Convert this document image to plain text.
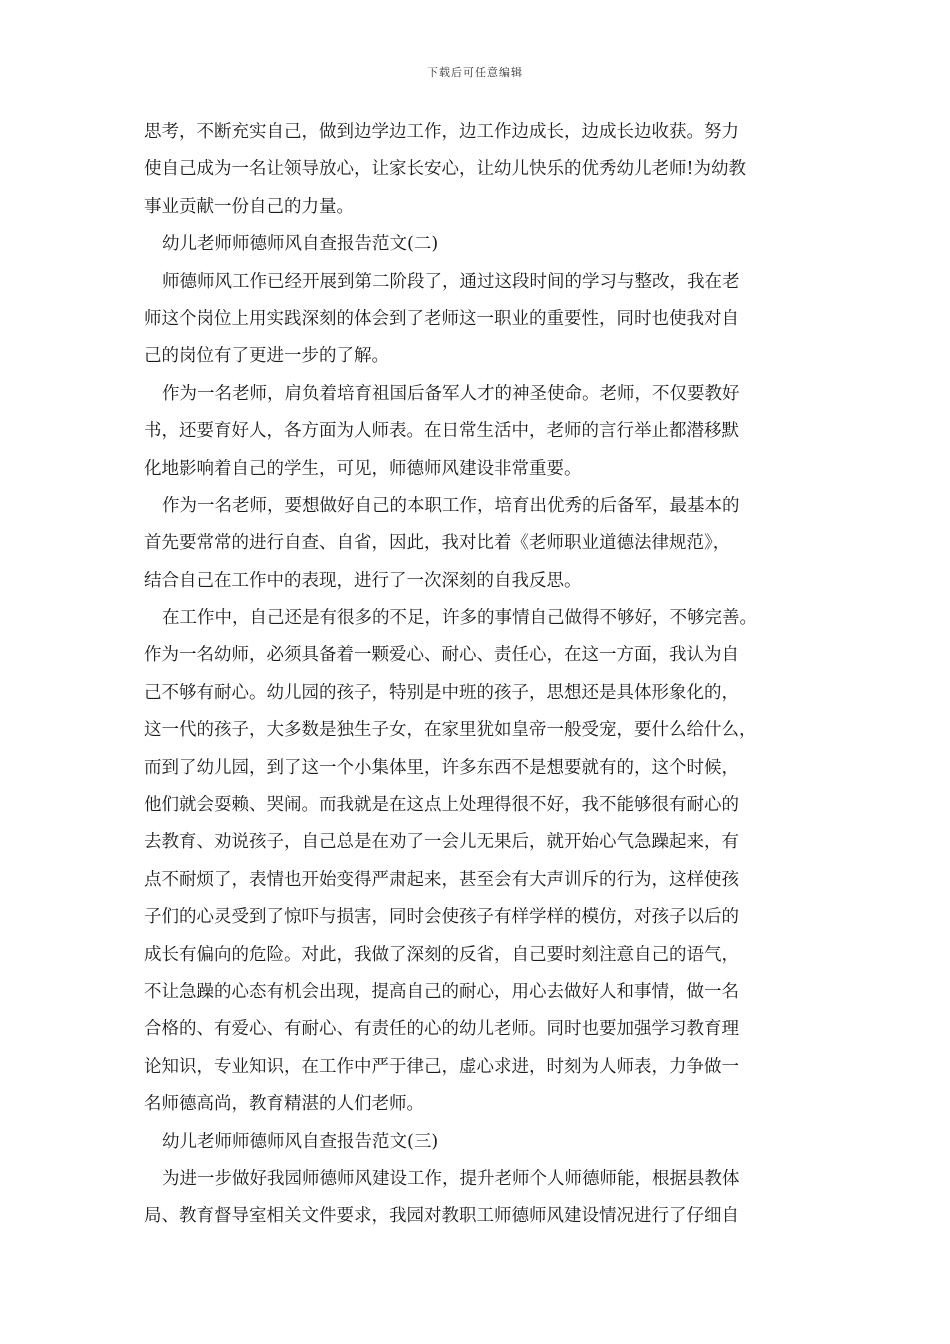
下载后可任意编辑
思考，不断充实自己，做到边学边工作，边工作边成长，边成长边收获。努力
使自己成为一名让领导放心，让家长安心，让幼儿快乐的优秀幼儿老师!为幼教
事业贡献一份自己的力量。
幼儿老师师德师风自查报告范文(二)
师德师风工作已经开展到第二阶段了，通过这段时间的学习与整改，我在老
师这个岗位上用实践深刻的体会到了老师这一职业的重要性，同时也使我对自
己的岗位有了更进一步的了解。
作为一名老师，肩负着培育祖国后备军人才的神圣使命。老师，不仅要教好
书，还要育好人，各方面为人师表。在日常生活中，老师的言行举止都潜移默
化地影响着自己的学生，可见，师德师风建设非常重要。
作为一名老师，要想做好自己的本职工作，培育出优秀的后备军，最基本的
首先要常常的进行自查、自省，因此，我对比着《老师职业道德法律规范》，
结合自己在工作中的表现，进行了一次深刻的自我反思。
在工作中，自己还是有很多的不足，许多的事情自己做得不够好，不够完善。
作为一名幼师，必须具备着一颗爱心、耐心、责任心，在这一方面，我认为自
己不够有耐心。幼儿园的孩子，特别是中班的孩子，思想还是具体形象化的，
这一代的孩子，大多数是独生子女，在家里犹如皇帝一般受宠，要什么给什么，
而到了幼儿园，到了这一个小集体里，许多东西不是想要就有的，这个时候，
他们就会耍赖、哭闹。而我就是在这点上处理得很不好，我不能够很有耐心的
去教育、劝说孩子，自己总是在劝了一会儿无果后，就开始心气急躁起来，有
点不耐烦了，表情也开始变得严肃起来，甚至会有大声训斥的行为，这样使孩
子们的心灵受到了惊吓与损害，同时会使孩子有样学样的模仿，对孩子以后的
成长有偏向的危险。对此，我做了深刻的反省，自己要时刻注意自己的语气，
不让急躁的心态有机会出现，提高自己的耐心，用心去做好人和事情，做一名
合格的、有爱心、有耐心、有责任的心的幼儿老师。同时也要加强学习教育理
论知识，专业知识，在工作中严于律己，虚心求进，时刻为人师表，力争做一
名师德高尚，教育精湛的人们老师。
幼儿老师师德师风自查报告范文(三)
为进一步做好我园师德师风建设工作，提升老师个人师德师能，根据县教体
局、教育督导室相关文件要求，我园对教职工师德师风建设情况进行了仔细自
